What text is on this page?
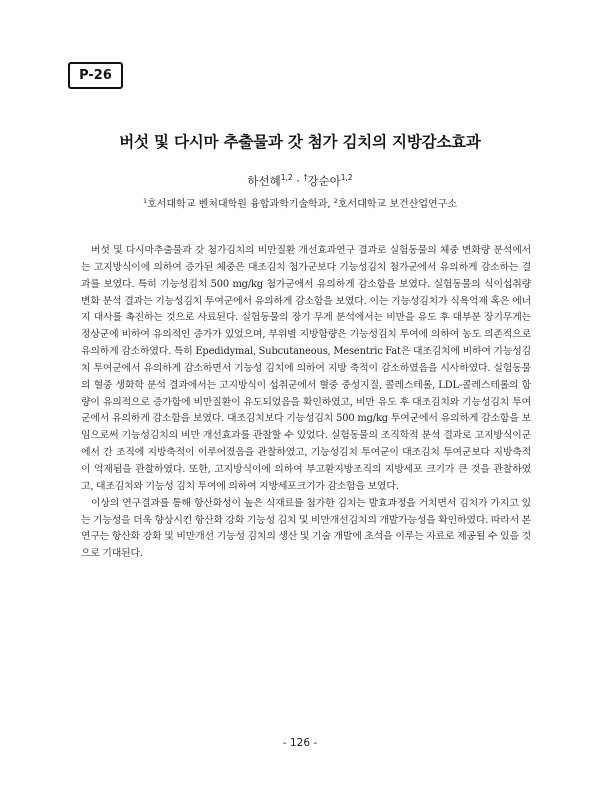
P-26
버섯 및 다시마 추출물과 갓 첨가 김치의 지방감소효과
하선혜$^{1,2}$ · †강순아$^{1,2}$
$^1$호서대학교 벤처대학원 융합과학기술학과, $^2$호서대학교 보건산업연구소

버섯 및 다시마추출물과 갓 첨가김치의 비만질환 개선효과연구 결과로 실험동물의 체중 변화량 분석에서는 고지방식이에 의하여 증가된 체중은 대조김치 첨가군보다 기능성김치 첨가군에서 유의하게 감소하는 결과를 보였다. 특히 기능성김치 500 mg/kg 첨가군에서 유의하게 감소함을 보였다. 실험동물의 식이섭취량 변화 분석 결과는 기능성김치 투여군에서 유의하게 감소함을 보였다. 이는 기능성김치가 식욕억제 혹은 에너지 대사를 촉진하는 것으로 사료된다. 실험동물의 장기 무게 분석에서는 비만을 유도 후 대부분 장기무게는 정상군에 비하여 유의적인 증가가 있었으며, 부위별 지방함량은 기능성김치 투여에 의하여 농도 의존적으로 유의하게 감소하였다. 특히 Epedidymal, Subcutaneous, Mesentric Fat은 대조김치에 비하여 기능성김치 투여군에서 유의하게 감소하면서 기능성 김치에 의하여 지방 축적이 감소하였음을 시사하였다. 실험동물의 혈중 생화학 분석 결과에서는 고지방식이 섭취군에서 혈중 중성지질, 콜레스테롤, LDL-콜레스테롤의 함량이 유의적으로 증가함에 비만질환이 유도되었음을 확인하였고, 비만 유도 후 대조김치와 기능성김치 투여군에서 유의하게 감소함을 보였다. 대조김치보다 기능성김치 500 mg/kg 투여군에서 유의하게 감소함을 보임으로써 기능성김치의 비만 개선효과를 관찰할 수 있었다. 실험동물의 조직학적 분석 결과로 고지방식이군에서 간 조직에 지방축적이 이루어졌음을 관찰하였고, 기능성김치 투여군이 대조김치 투여군보다 지방축적이 억제됨을 관찰하였다. 또한, 고지방식이에 의하여 부고환지방조직의 지방세포 크기가 큰 것을 관찰하였고, 대조김치와 기능성 김치 투여에 의하여 지방세포크기가 감소함을 보였다.

이상의 연구결과를 통해 항산화성이 높은 식재료를 첨가한 김치는 발효과정을 거치면서 김치가 가지고 있는 기능성을 더욱 향상시킨 항산화 강화 기능성 김치 및 비만개선김치의 개발가능성을 확인하였다. 따라서 본 연구는 항산화 강화 및 비만개선 기능성 김치의 생산 및 기술 개발에 초석을 이루는 자료로 제공될 수 있을 것으로 기대된다.

- 126 -
